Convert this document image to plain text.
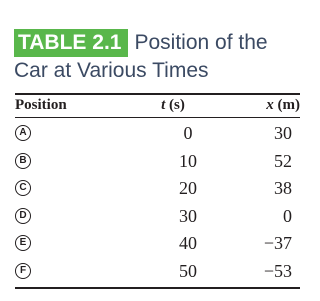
TABLE 2.1 Position of the
Car at Various Times
Position	t (s)	x (m)
A	0	30
B	10	52
C	20	38
D	30	0
E	40	−37
F	50	−53
